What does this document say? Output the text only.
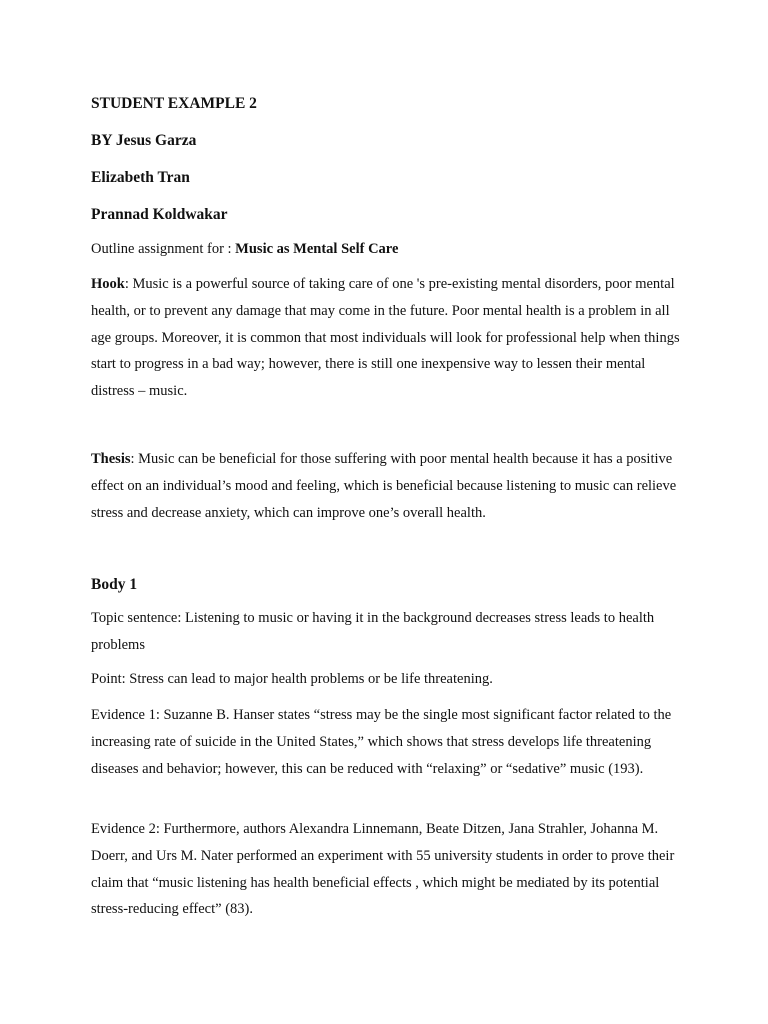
STUDENT EXAMPLE 2

BY Jesus Garza

Elizabeth Tran

Prannad Koldwakar

Outline assignment for : Music as Mental Self Care

Hook: Music is a powerful source of taking care of one 's pre-existing mental disorders, poor mental health, or to prevent any damage that may come in the future. Poor mental health is a problem in all age groups. Moreover, it is common that most individuals will look for professional help when things start to progress in a bad way; however, there is still one inexpensive way to lessen their mental distress – music.

Thesis: Music can be beneficial for those suffering with poor mental health because it has a positive effect on an individual’s mood and feeling, which is beneficial because listening to music can relieve stress and decrease anxiety, which can improve one’s overall health.

Body 1

Topic sentence: Listening to music or having it in the background decreases stress leads to health problems

Point: Stress can lead to major health problems or be life threatening.

Evidence 1: Suzanne B. Hanser states “stress may be the single most significant factor related to the increasing rate of suicide in the United States,” which shows that stress develops life threatening diseases and behavior; however, this can be reduced with “relaxing” or “sedative” music (193).

Evidence 2: Furthermore, authors Alexandra Linnemann, Beate Ditzen, Jana Strahler, Johanna M. Doerr, and Urs M. Nater performed an experiment with 55 university students in order to prove their claim that “music listening has health beneficial effects , which might be mediated by its potential stress-reducing effect” (83).
